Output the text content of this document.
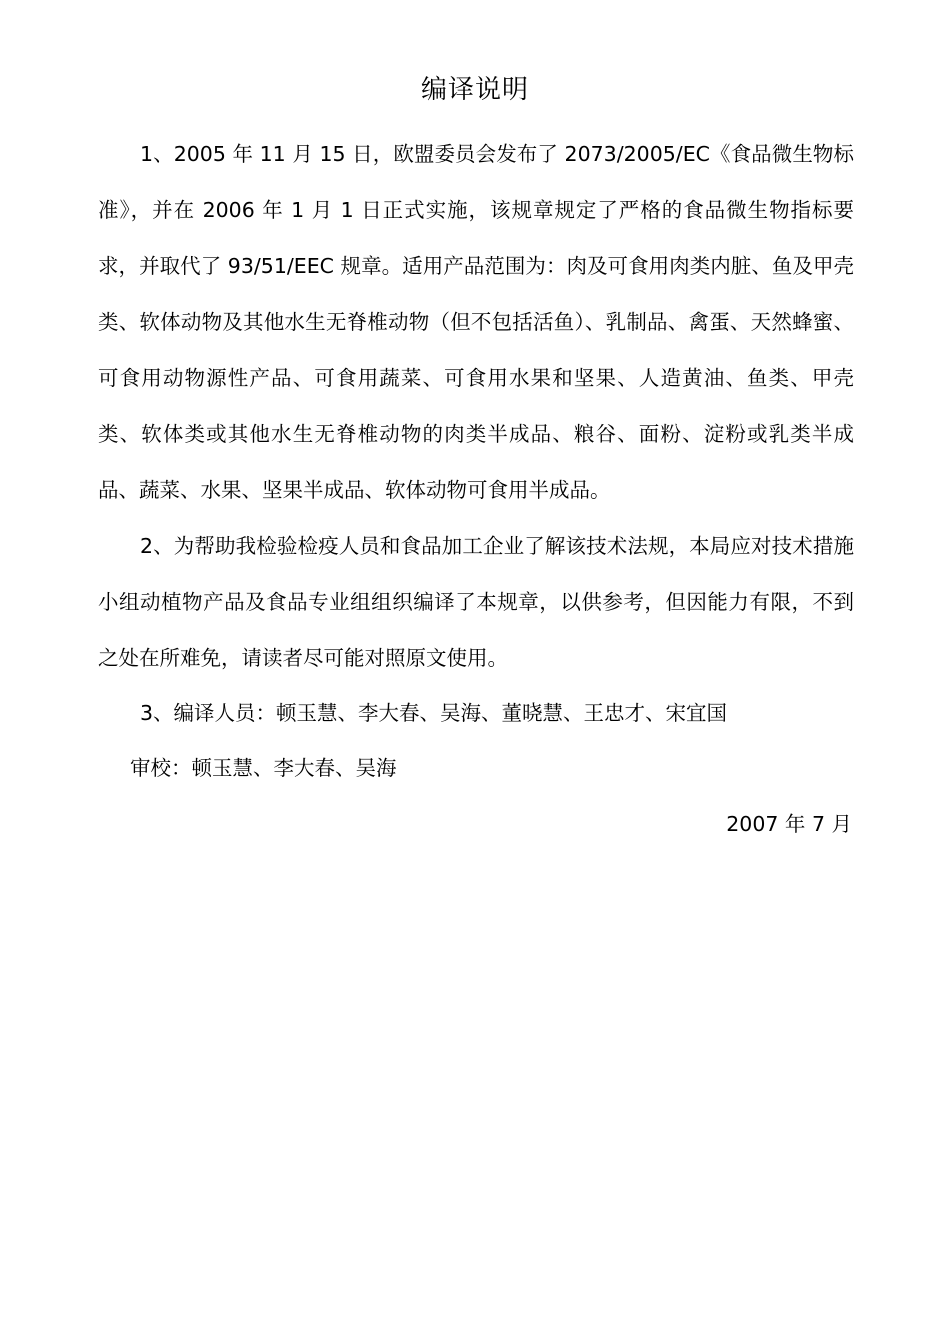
编译说明

1、2005 年 11 月 15 日，欧盟委员会发布了 2073/2005/EC《食品微生物标准》，并在 2006 年 1 月 1 日正式实施，该规章规定了严格的食品微生物指标要求，并取代了 93/51/EEC 规章。适用产品范围为：肉及可食用肉类内脏、鱼及甲壳类、软体动物及其他水生无脊椎动物（但不包括活鱼）、乳制品、禽蛋、天然蜂蜜、可食用动物源性产品、可食用蔬菜、可食用水果和坚果、人造黄油、鱼类、甲壳类、软体类或其他水生无脊椎动物的肉类半成品、粮谷、面粉、淀粉或乳类半成品、蔬菜、水果、坚果半成品、软体动物可食用半成品。

2、为帮助我检验检疫人员和食品加工企业了解该技术法规，本局应对技术措施小组动植物产品及食品专业组组织编译了本规章，以供参考，但因能力有限，不到之处在所难免，请读者尽可能对照原文使用。

3、编译人员：顿玉慧、李大春、吴海、董晓慧、王忠才、宋宜国
审校：顿玉慧、李大春、吴海
2007 年 7 月
